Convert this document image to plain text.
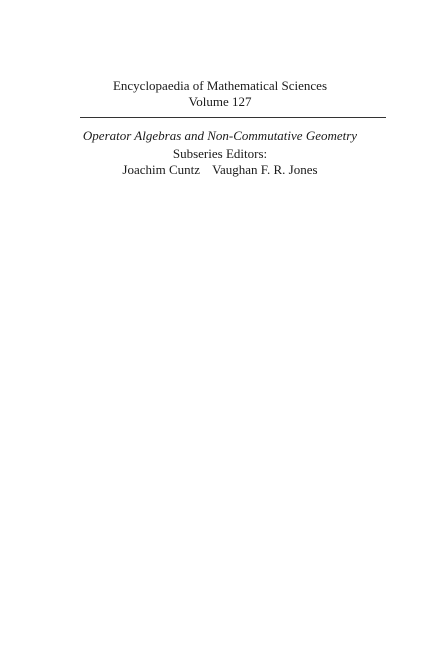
Encyclopaedia of Mathematical Sciences

Volume 127

Operator Algebras and Non-Commutative Geometry

Subseries Editors:

Joachim Cuntz Vaughan F. R. Jones
